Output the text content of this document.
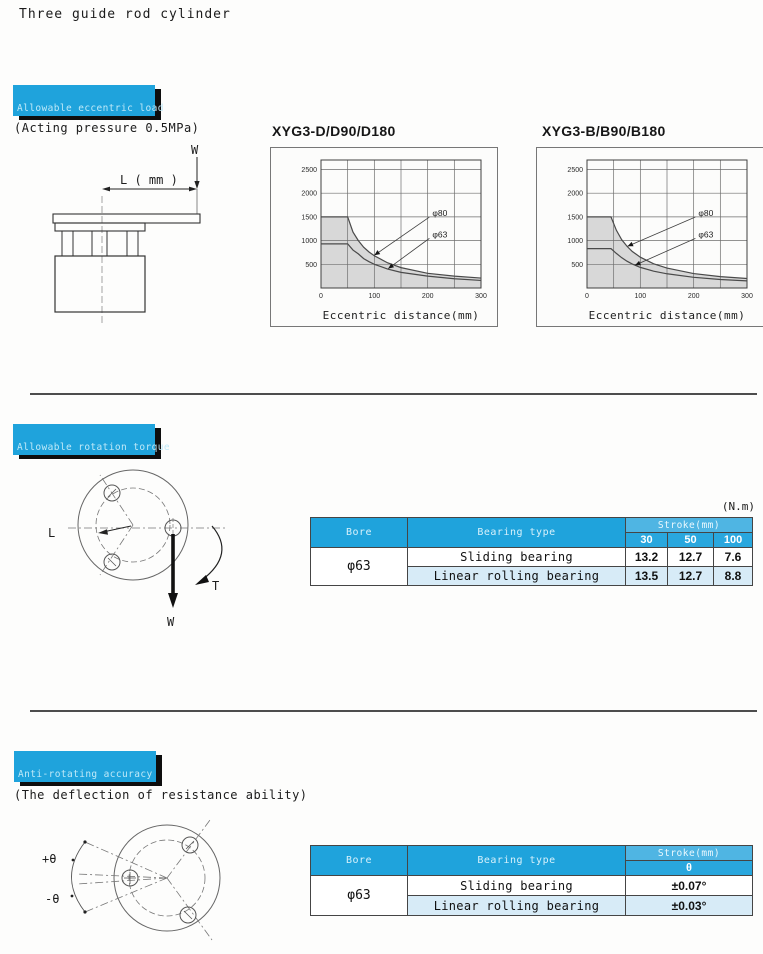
Three guide rod cylinder
Allowable eccentric load
(Acting pressure 0.5MPa)
W
L ( mm )
XYG3-D/D90/D180	XYG3-B/B90/B180
500
1000
1500
2000
2500
0	100	200	300
Eccentric distance(mm)
φ80
φ63
500
1000
1500
2000
2500
0	100	200	300
Eccentric distance(mm)
φ80
φ63
Allowable rotation torque
L
W
T
(N.m)
Bore	Bearing type	Stroke(mm)		
		30	50	100
φ63	Sliding bearing	13.2	12.7	7.6
	Linear rolling bearing	13.5	12.7	8.8
Anti-rotating accuracy
(The deflection of resistance ability)
+θ
-θ
Bore	Bearing type	Stroke(mm)
		θ
φ63	Sliding bearing	±0.07°
	Linear rolling bearing	±0.03°
